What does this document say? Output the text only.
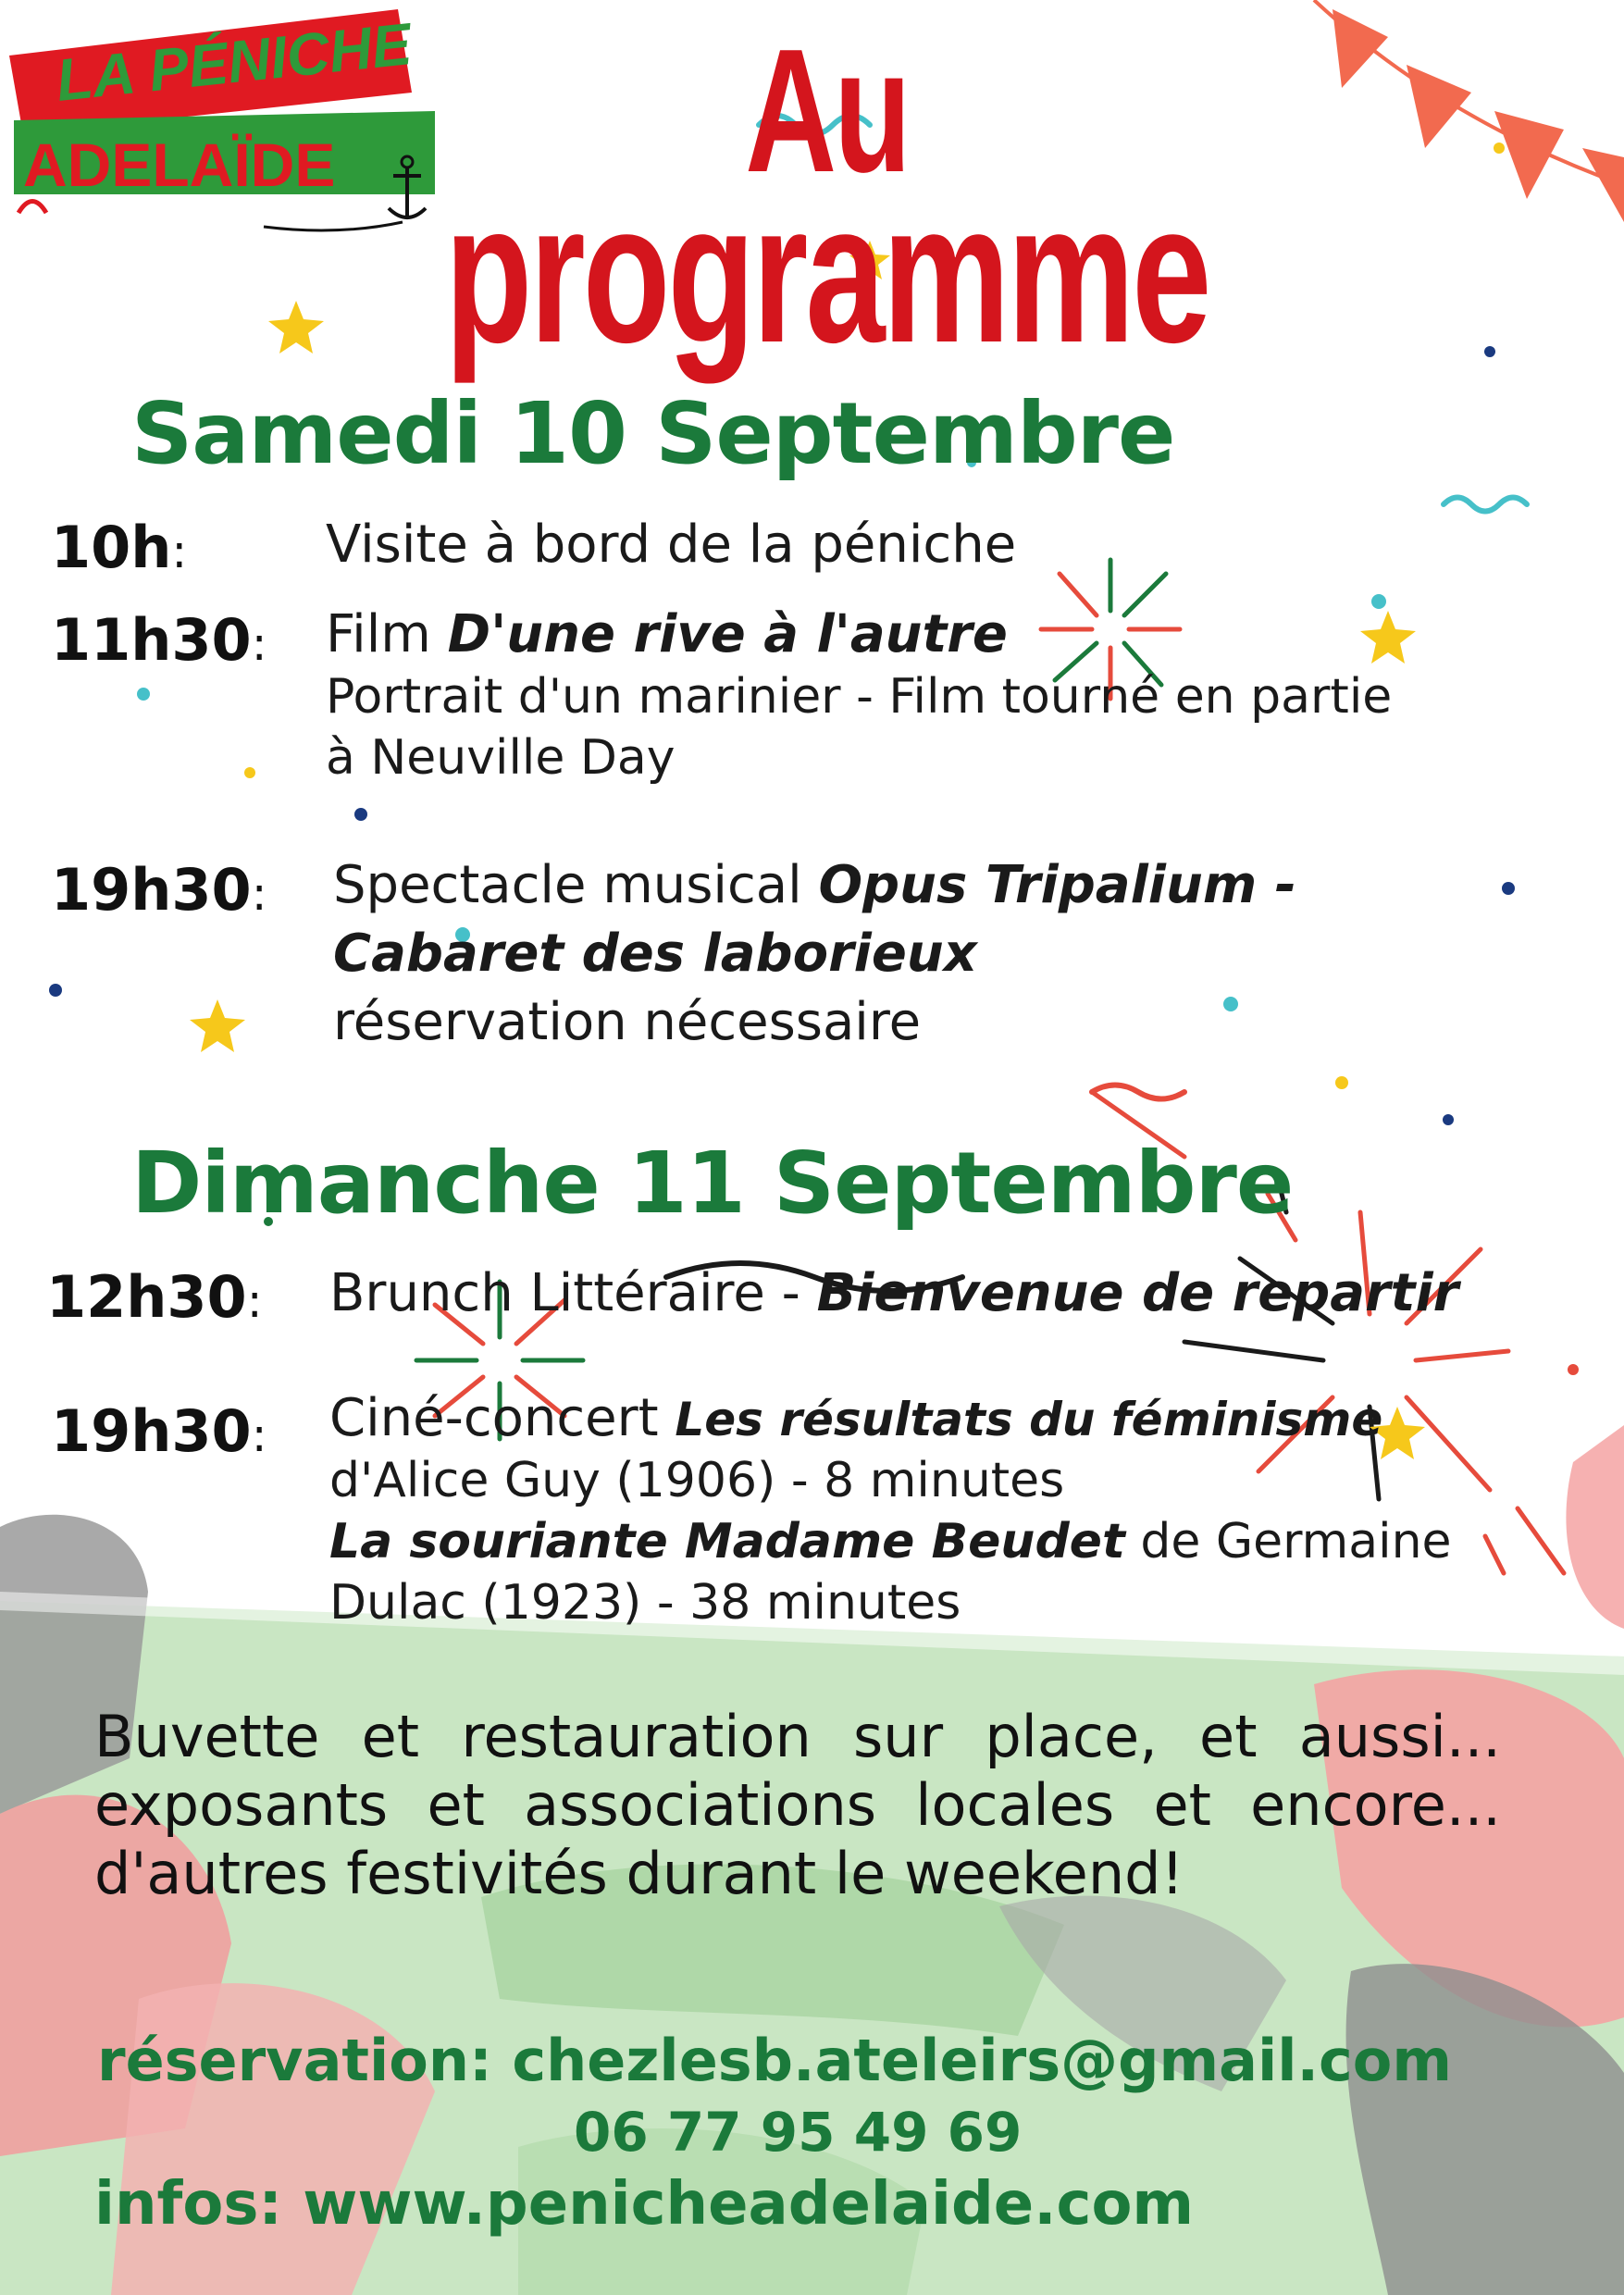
LA PÉNICHE
ADELAÏDE	Au
programme
Samedi 10 Septembre
10h:	Visite à bord de la péniche
11h30: Film D'une rive à l'autre
Portrait d'un marinier - Film tourné en partie
à Neuville Day
19h30: Spectacle musical Opus Tripalium -
Cabaret des laborieux
réservation nécessaire
Dimanche 11 Septembre
12h30: Brunch Littéraire - Bienvenue de repartir
19h30: Ciné-concert Les résultats du féminisme
d'Alice Guy (1906) - 8 minutes
La souriante Madame Beudet de Germaine
Dulac (1923) - 38 minutes
Buvette et restauration sur place, et aussi...
exposants et associations locales et encore...
d'autres festivités durant le weekend!
réservation: chezlesb.ateleirs@gmail.com
06 77 95 49 69
infos: www.penicheadelaide.com
